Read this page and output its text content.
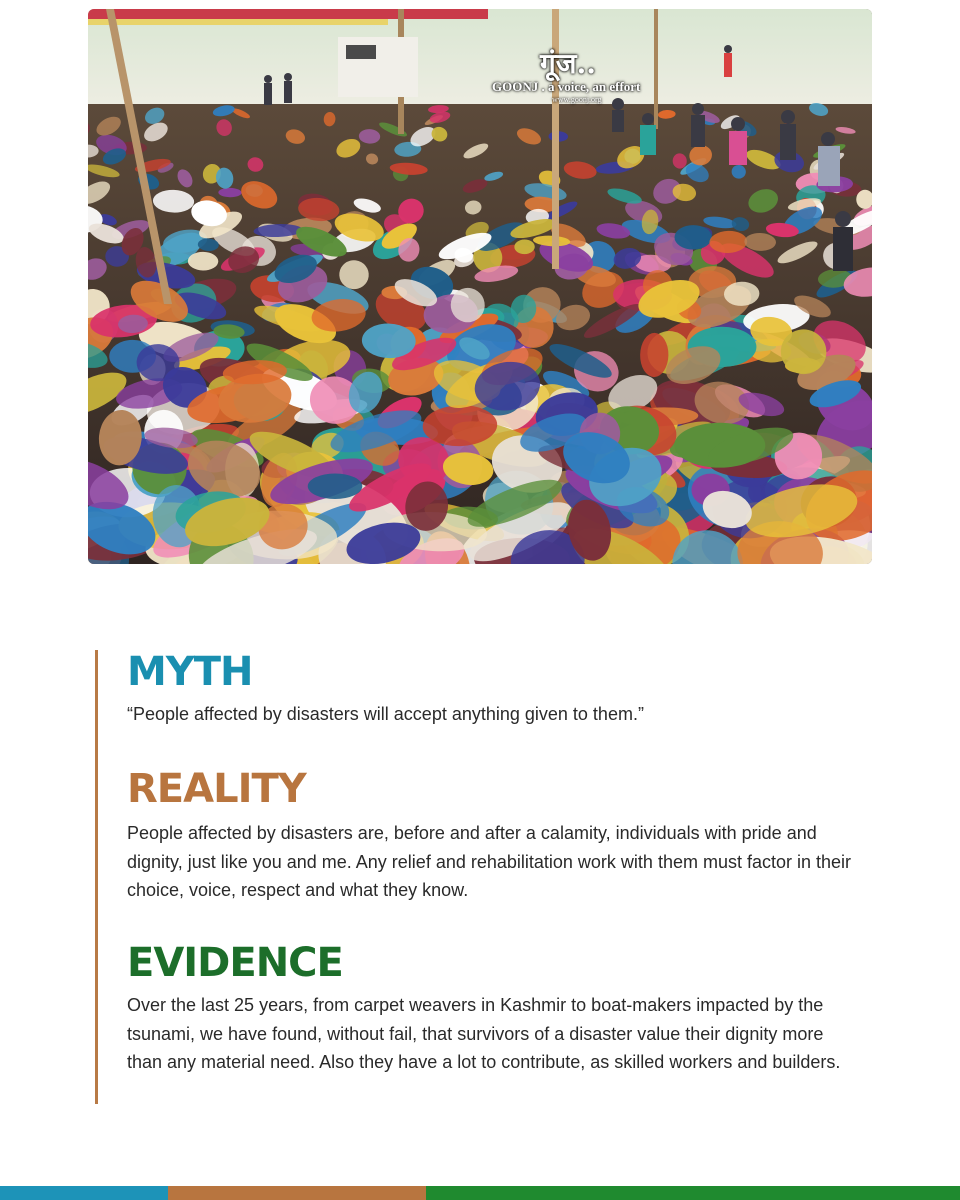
गूंज..
GOONJ . a voice, an effort
www.goonj.org
MYTH

“People affected by disasters will accept anything given to them.”

REALITY

People affected by disasters are, before and after a calamity, individuals with pride and dignity, just like you and me. Any relief and rehabilitation work with them must factor in their choice, voice, respect and what they know.

EVIDENCE

Over the last 25 years, from carpet weavers in Kashmir to boat-makers impacted by the tsunami, we have found, without fail, that survivors of a disaster value their dignity more than any material need. Also they have a lot to contribute, as skilled workers and builders.
